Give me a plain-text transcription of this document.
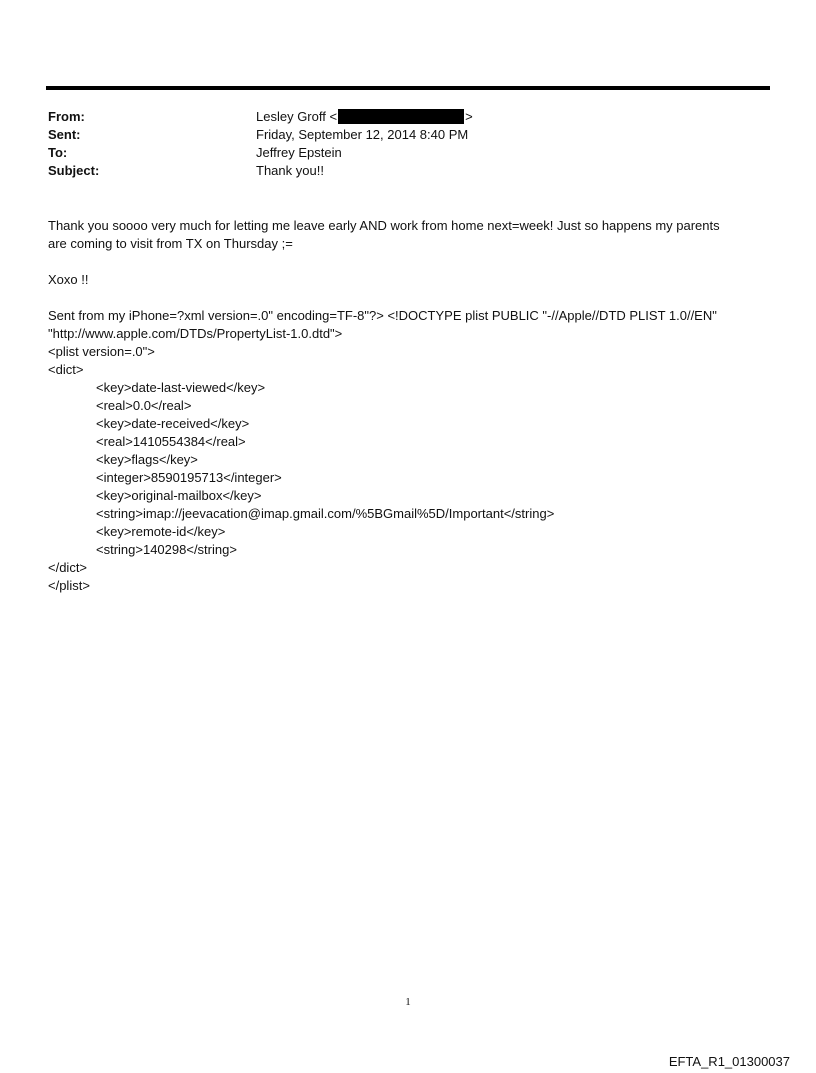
From:	Lesley Groff <	>
Sent:	Friday, September 12, 2014 8:40 PM
To:	Jeffrey Epstein
Subject:	Thank you!!
Thank you soooo very much for letting me leave early AND work from home next=week! Just so happens my parents
are coming to visit from TX on Thursday ;=
Xoxo !!
Sent from my iPhone=?xml version=.0" encoding=TF-8"?> <!DOCTYPE plist PUBLIC "-//Apple//DTD PLIST 1.0//EN"
"http://www.apple.com/DTDs/PropertyList-1.0.dtd">
<plist version=.0">
<dict>
<key>date-last-viewed</key>
<real>0.0</real>
<key>date-received</key>
<real>1410554384</real>
<key>flags</key>
<integer>8590195713</integer>
<key>original-mailbox</key>
<string>imap://jeevacation@imap.gmail.com/%5BGmail%5D/Important</string>
<key>remote-id</key>
<string>140298</string>
</dict>
</plist>
1
EFTA_R1_01300037
